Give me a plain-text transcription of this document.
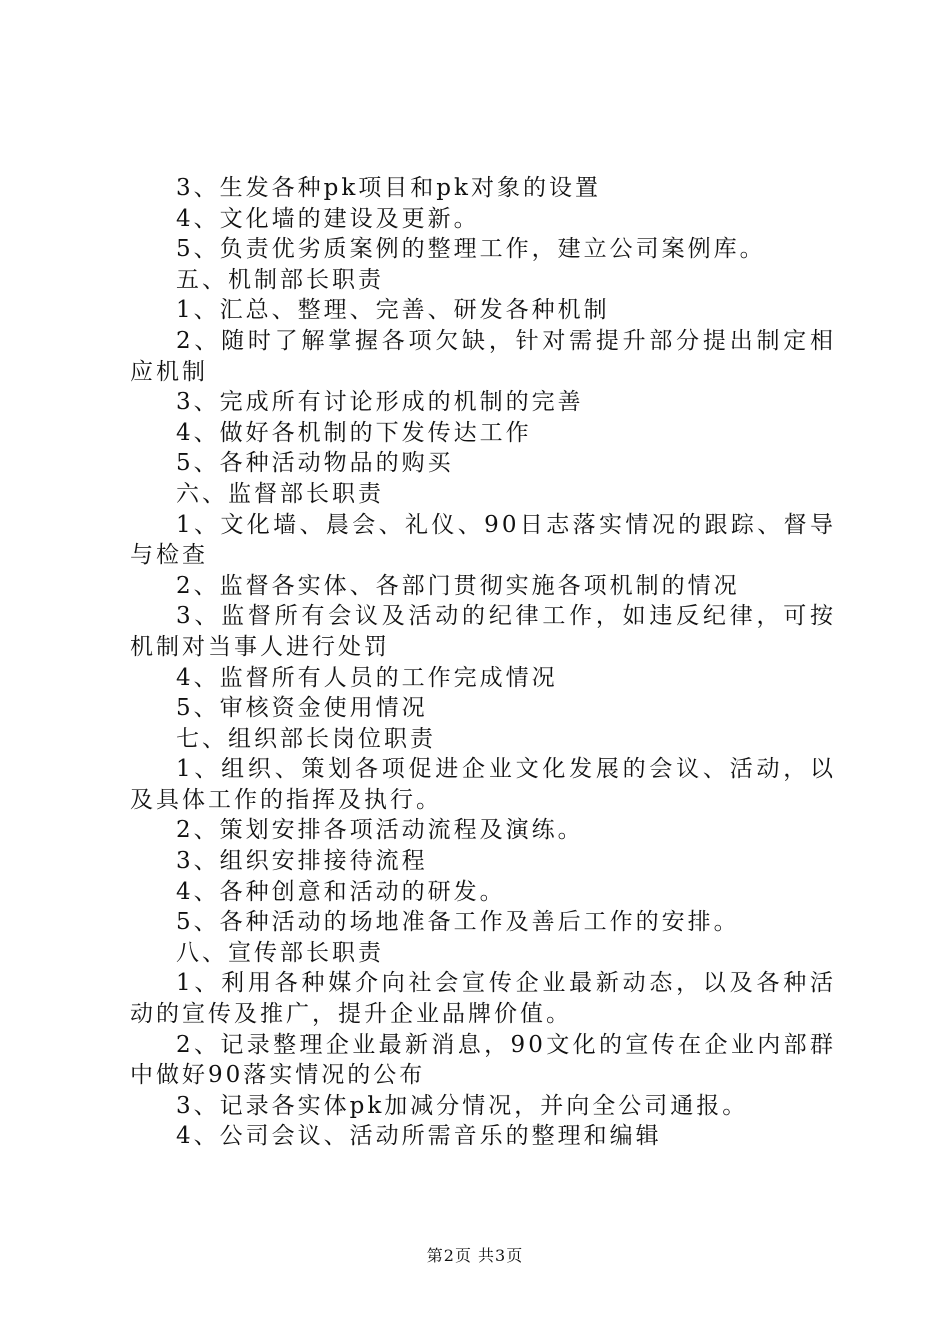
3、生发各种pk项目和pk对象的设置

4、文化墙的建设及更新。

5、负责优劣质案例的整理工作，建立公司案例库。

五、机制部长职责

1、汇总、整理、完善、研发各种机制

2、随时了解掌握各项欠缺，针对需提升部分提出制定相应机制

3、完成所有讨论形成的机制的完善

4、做好各机制的下发传达工作

5、各种活动物品的购买

六、监督部长职责

1、文化墙、晨会、礼仪、90日志落实情况的跟踪、督导与检查

2、监督各实体、各部门贯彻实施各项机制的情况

3、监督所有会议及活动的纪律工作，如违反纪律，可按机制对当事人进行处罚

4、监督所有人员的工作完成情况

5、审核资金使用情况

七、组织部长岗位职责

1、组织、策划各项促进企业文化发展的会议、活动，以及具体工作的指挥及执行。

2、策划安排各项活动流程及演练。

3、组织安排接待流程

4、各种创意和活动的研发。

5、各种活动的场地准备工作及善后工作的安排。

八、宣传部长职责

1、利用各种媒介向社会宣传企业最新动态，以及各种活动的宣传及推广，提升企业品牌价值。

2、记录整理企业最新消息，90文化的宣传在企业内部群中做好90落实情况的公布

3、记录各实体pk加减分情况，并向全公司通报。

4、公司会议、活动所需音乐的整理和编辑

第2页 共3页
